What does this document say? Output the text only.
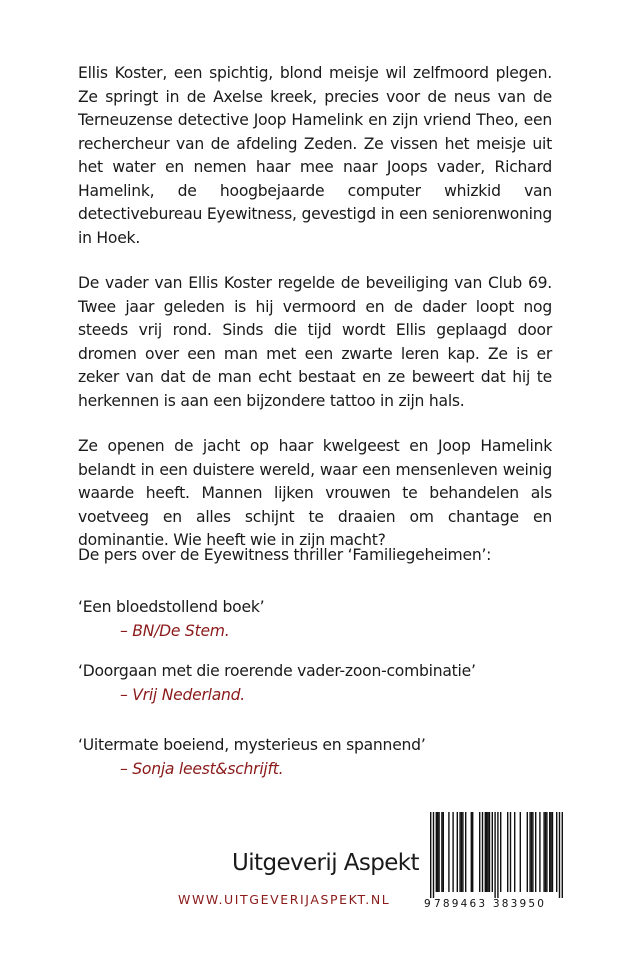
Ellis Koster, een spichtig, blond meisje wil zelfmoord plegen. Ze springt in de Axelse kreek, precies voor de neus van de Terneuzense detective Joop Hamelink en zijn vriend Theo, een rechercheur van de afdeling Zeden. Ze vissen het meisje uit het water en nemen haar mee naar Joops vader, Richard Hamelink, de hoogbejaarde computer whizkid van detectivebureau Eyewitness, gevestigd in een seniorenwoning in Hoek.

De vader van Ellis Koster regelde de beveiliging van Club 69. Twee jaar geleden is hij vermoord en de dader loopt nog steeds vrij rond. Sinds die tijd wordt Ellis geplaagd door dromen over een man met een zwarte leren kap. Ze is er zeker van dat de man echt bestaat en ze beweert dat hij te herkennen is aan een bijzondere tattoo in zijn hals.

Ze openen de jacht op haar kwelgeest en Joop Hamelink belandt in een duistere wereld, waar een mensenleven weinig waarde heeft. Mannen lijken vrouwen te behandelen als voetveeg en alles schijnt te draaien om chantage en dominantie. Wie heeft wie in zijn macht?

De pers over de Eyewitness thriller ‘Familiegeheimen’:
‘Een bloedstollend boek’
– BN/De Stem.
‘Doorgaan met die roerende vader-zoon-combinatie’
– Vrij Nederland.
‘Uitermate boeiend, mysterieus en spannend’
– Sonja leest&schrijft.
Uitgeverij Aspekt
WWW.UITGEVERIJASPEKT.NL	9 789463 383950
